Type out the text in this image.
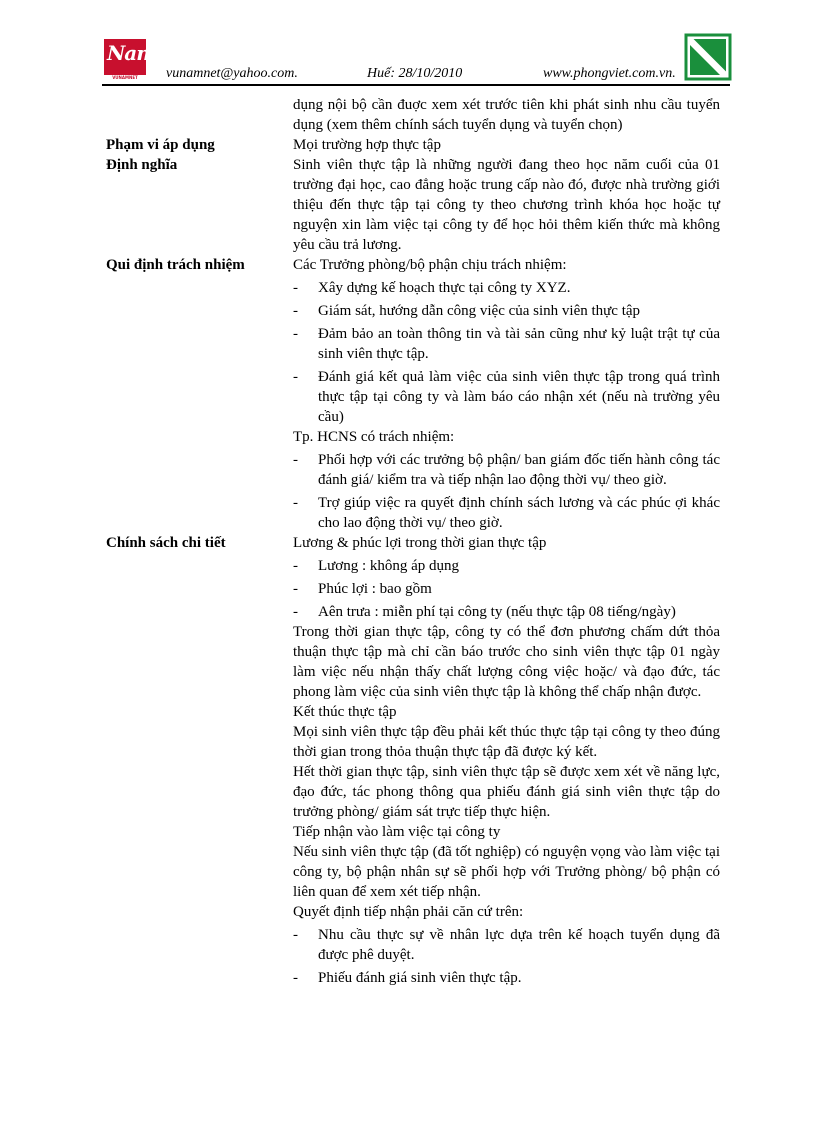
Nam
VUNAMNET	vunamnet@yahoo.com.	Huế: 28/10/2010	www.phongviet.com.vn.

dụng nội bộ cần đuợc xem xét trước tiên khi phát sinh nhu cầu tuyển dụng (xem thêm chính sách tuyển dụng và tuyển chọn)

Phạm vi áp dụng	Mọi trường hợp thực tập

Định nghĩa	Sinh viên thực tập là những người đang theo học năm cuối của 01 trường đại học, cao đẳng hoặc trung cấp nào đó, được nhà trường giới thiệu đến thực tập tại công ty theo chương trình khóa học hoặc tự nguyện xin làm việc tại công ty để học hỏi thêm kiến thức mà không yêu cầu trả lương.

Qui định trách nhiệm	Các Trưởng phòng/bộ phận chịu trách nhiệm:

- Xây dựng kế hoạch thực tại công ty XYZ.
- Giám sát, hướng dẫn công việc của sinh viên thực tập
- Đảm bảo an toàn thông tin và tài sản cũng như kỷ luật trật tự của sinh viên thực tập.
- Đánh giá kết quả làm việc của sinh viên thực tập trong quá trình thực tập tại công ty và làm báo cáo nhận xét (nếu nà trường yêu cầu)

Tp. HCNS có trách nhiệm:

- Phối hợp với các trưởng bộ phận/ ban giám đốc tiến hành công tác đánh giá/ kiểm tra và tiếp nhận lao động thời vụ/ theo giờ.
- Trợ giúp việc ra quyết định chính sách lương và các phúc ợi khác cho lao động thời vụ/ theo giờ.
Chính sách chi tiết	Lương & phúc lợi trong thời gian thực tập

- Lương : không áp dụng
- Phúc lợi : bao gồm
- Aên trưa : miễn phí tại công ty (nếu thực tập 08 tiếng/ngày)

Trong thời gian thực tập, công ty có thể đơn phương chấm dứt thỏa thuận thực tập mà chỉ cần báo trước cho sinh viên thực tập 01 ngày làm việc nếu nhận thấy chất lượng công việc hoặc/ và đạo đức, tác phong làm việc của sinh viên thực tập là không thể chấp nhận được.

Kết thúc thực tập

Mọi sinh viên thực tập đều phải kết thúc thực tập tại công ty theo đúng thời gian trong thỏa thuận thực tập đã được ký kết.

Hết thời gian thực tập, sinh viên thực tập sẽ được xem xét về năng lực, đạo đức, tác phong thông qua phiếu đánh giá sinh viên thực tập do trưởng phòng/ giám sát trực tiếp thực hiện.

Tiếp nhận vào làm việc tại công ty

Nếu sinh viên thực tập (đã tốt nghiệp) có nguyện vọng vào làm việc tại công ty, bộ phận nhân sự sẽ phối hợp với Trưởng phòng/ bộ phận có liên quan để xem xét tiếp nhận.

Quyết định tiếp nhận phải căn cứ trên:

- Nhu cầu thực sự về nhân lực dựa trên kế hoạch tuyển dụng đã được phê duyệt.
- Phiếu đánh giá sinh viên thực tập.
